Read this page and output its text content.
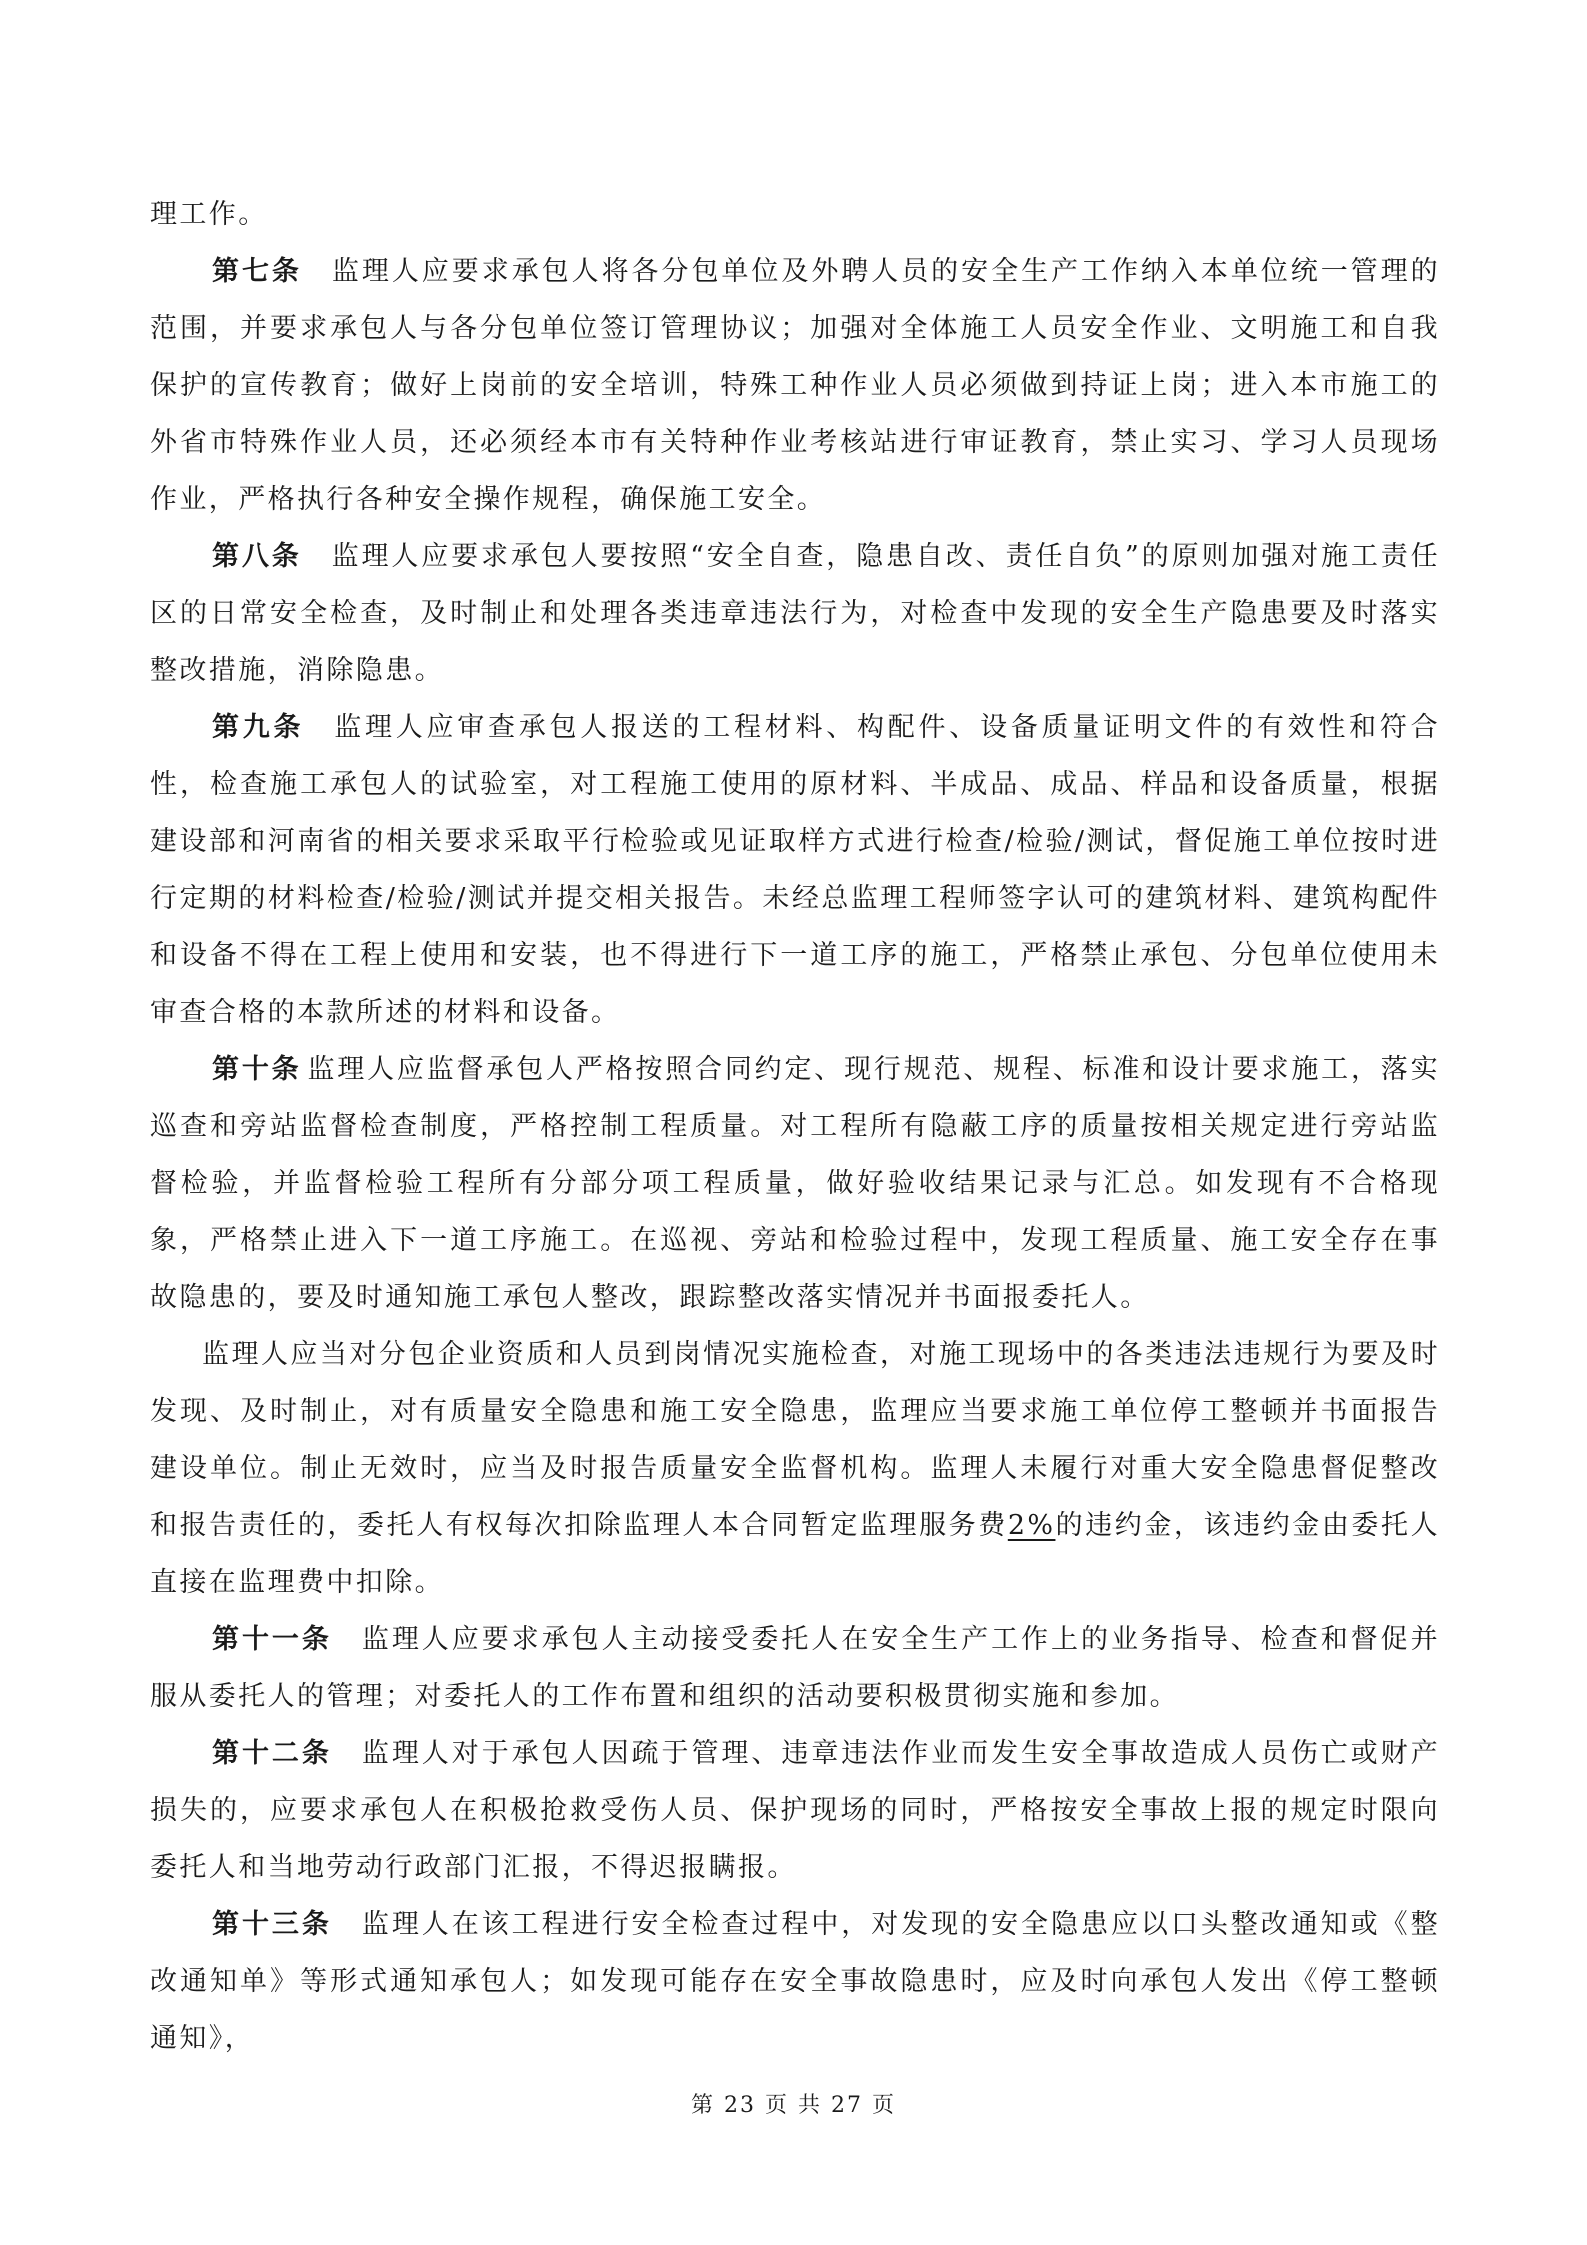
理工作。

第七条 监理人应要求承包人将各分包单位及外聘人员的安全生产工作纳入本单位统一管理的范围，并要求承包人与各分包单位签订管理协议；加强对全体施工人员安全作业、文明施工和自我保护的宣传教育；做好上岗前的安全培训，特殊工种作业人员必须做到持证上岗；进入本市施工的外省市特殊作业人员，还必须经本市有关特种作业考核站进行审证教育，禁止实习、学习人员现场作业，严格执行各种安全操作规程，确保施工安全。

第八条 监理人应要求承包人要按照“安全自查，隐患自改、责任自负”的原则加强对施工责任区的日常安全检查，及时制止和处理各类违章违法行为，对检查中发现的安全生产隐患要及时落实整改措施，消除隐患。

第九条 监理人应审查承包人报送的工程材料、构配件、设备质量证明文件的有效性和符合性，检查施工承包人的试验室，对工程施工使用的原材料、半成品、成品、样品和设备质量，根据建设部和河南省的相关要求采取平行检验或见证取样方式进行检查/检验/测试，督促施工单位按时进行定期的材料检查/检验/测试并提交相关报告。未经总监理工程师签字认可的建筑材料、建筑构配件和设备不得在工程上使用和安装，也不得进行下一道工序的施工，严格禁止承包、分包单位使用未审查合格的本款所述的材料和设备。

第十条 监理人应监督承包人严格按照合同约定、现行规范、规程、标准和设计要求施工，落实巡查和旁站监督检查制度，严格控制工程质量。对工程所有隐蔽工序的质量按相关规定进行旁站监督检验，并监督检验工程所有分部分项工程质量，做好验收结果记录与汇总。如发现有不合格现象，严格禁止进入下一道工序施工。在巡视、旁站和检验过程中，发现工程质量、施工安全存在事故隐患的，要及时通知施工承包人整改，跟踪整改落实情况并书面报委托人。

监理人应当对分包企业资质和人员到岗情况实施检查，对施工现场中的各类违法违规行为要及时发现、及时制止，对有质量安全隐患和施工安全隐患，监理应当要求施工单位停工整顿并书面报告建设单位。制止无效时，应当及时报告质量安全监督机构。监理人未履行对重大安全隐患督促整改和报告责任的，委托人有权每次扣除监理人本合同暂定监理服务费2%的违约金，该违约金由委托人直接在监理费中扣除。

第十一条 监理人应要求承包人主动接受委托人在安全生产工作上的业务指导、检查和督促并服从委托人的管理；对委托人的工作布置和组织的活动要积极贯彻实施和参加。

第十二条 监理人对于承包人因疏于管理、违章违法作业而发生安全事故造成人员伤亡或财产损失的，应要求承包人在积极抢救受伤人员、保护现场的同时，严格按安全事故上报的规定时限向委托人和当地劳动行政部门汇报，不得迟报瞒报。

第十三条 监理人在该工程进行安全检查过程中，对发现的安全隐患应以口头整改通知或《整改通知单》等形式通知承包人；如发现可能存在安全事故隐患时，应及时向承包人发出《停工整顿通知》，

第 23 页 共 27 页
